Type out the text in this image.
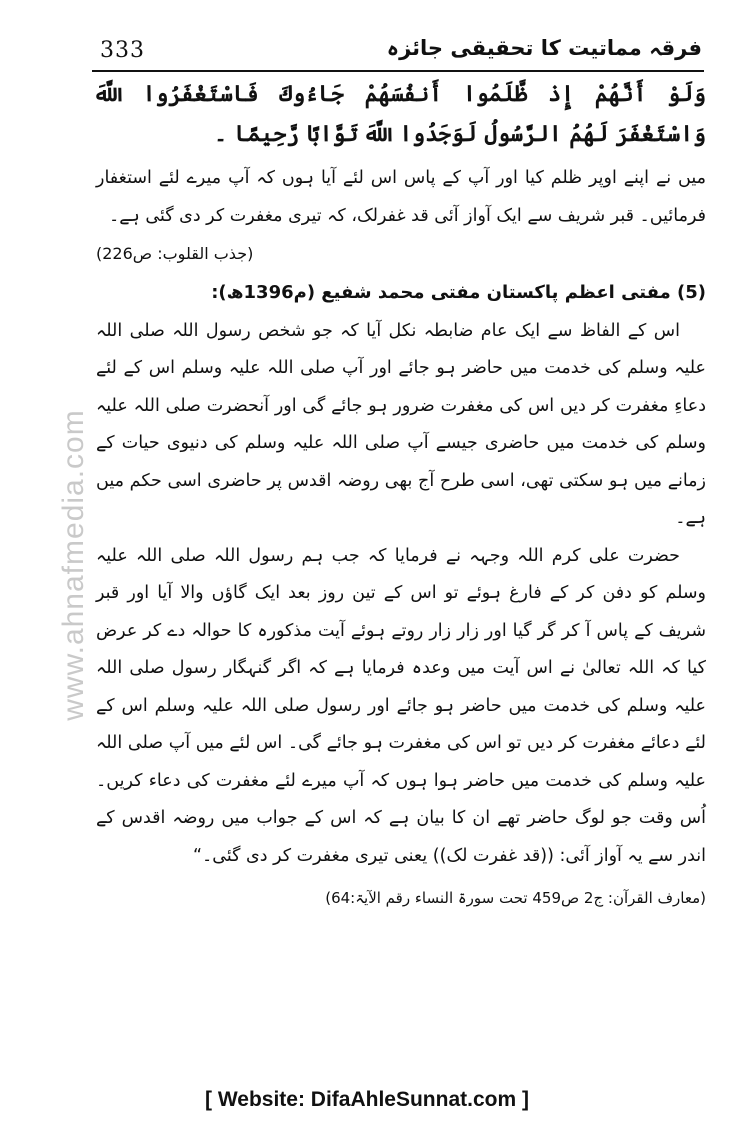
333	فرقہ مماتیت کا تحقیقی جائزہ
www.ahnafmedia.com

وَلَوْ أَنَّهُمْ إِذ ظَّلَمُوا أَنفُسَهُمْ جَاءُوكَ فَاسْتَغْفَرُوا اللَّهَ وَاسْتَغْفَرَ لَهُمُ الرَّسُولُ لَوَجَدُوا اللَّهَ تَوَّابًا رَّحِيمًا ۔

میں نے اپنے اوپر ظلم کیا اور آپ کے پاس اس لئے آیا ہوں کہ آپ میرے لئے استغفار فرمائیں۔ قبر شریف سے ایک آواز آئی قد غفرلک، کہ تیری مغفرت کر دی گئی ہے۔

(جذب القلوب: ص226)

(5) مفتی اعظم پاکستان مفتی محمد شفیع (م1396ھ):

اس کے الفاظ سے ایک عام ضابطہ نکل آیا کہ جو شخص رسول اللہ صلی اللہ علیہ وسلم کی خدمت میں حاضر ہو جائے اور آپ صلی اللہ علیہ وسلم اس کے لئے دعاءِ مغفرت کر دیں اس کی مغفرت ضرور ہو جائے گی اور آنحضرت صلی اللہ علیہ وسلم کی خدمت میں حاضری جیسے آپ صلی اللہ علیہ وسلم کی دنیوی حیات کے زمانے میں ہو سکتی تھی، اسی طرح آج بھی روضہ اقدس پر حاضری اسی حکم میں ہے۔

حضرت علی کرم اللہ وجہہ نے فرمایا کہ جب ہم رسول اللہ صلی اللہ علیہ وسلم کو دفن کر کے فارغ ہوئے تو اس کے تین روز بعد ایک گاؤں والا آیا اور قبر شریف کے پاس آ کر گر گیا اور زار زار روتے ہوئے آیت مذکورہ کا حوالہ دے کر عرض کیا کہ اللہ تعالیٰ نے اس آیت میں وعدہ فرمایا ہے کہ اگر گنہگار رسول صلی اللہ علیہ وسلم کی خدمت میں حاضر ہو جائے اور رسول صلی اللہ علیہ وسلم اس کے لئے دعائے مغفرت کر دیں تو اس کی مغفرت ہو جائے گی۔ اس لئے میں آپ صلی اللہ علیہ وسلم کی خدمت میں حاضر ہوا ہوں کہ آپ میرے لئے مغفرت کی دعاء کریں۔ اُس وقت جو لوگ حاضر تھے ان کا بیان ہے کہ اس کے جواب میں روضہ اقدس کے اندر سے یہ آواز آئی: ((قد غفرت لک)) یعنی تیری مغفرت کر دی گئی۔“

(معارف القرآن: ج2 ص459 تحت سورۃ النساء رقم الآیۃ:64)

[ Website: DifaAhleSunnat.com ]
